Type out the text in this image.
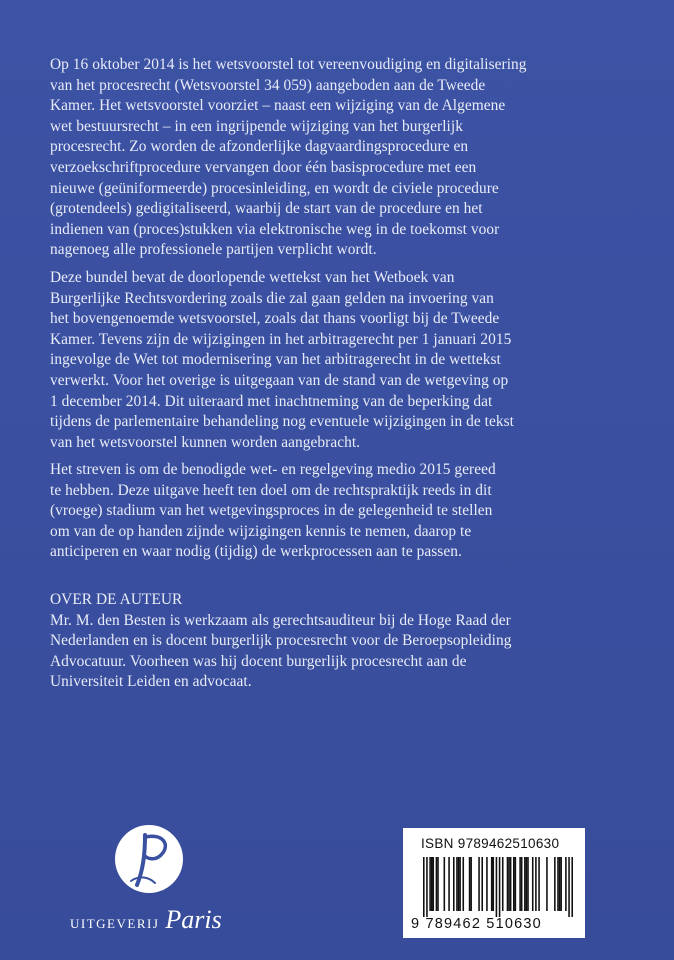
Op 16 oktober 2014 is het wetsvoorstel tot vereenvoudiging en digitalisering
van het procesrecht (Wetsvoorstel 34 059) aangeboden aan de Tweede
Kamer. Het wetsvoorstel voorziet – naast een wijziging van de Algemene
wet bestuursrecht – in een ingrijpende wijziging van het burgerlijk
procesrecht. Zo worden de afzonderlijke dagvaardingsprocedure en
verzoekschriftprocedure vervangen door één basisprocedure met een
nieuwe (geüniformeerde) procesinleiding, en wordt de civiele procedure
(grotendeels) gedigitaliseerd, waarbij de start van de procedure en het
indienen van (proces)stukken via elektronische weg in de toekomst voor
nagenoeg alle professionele partijen verplicht wordt.

Deze bundel bevat de doorlopende wettekst van het Wetboek van
Burgerlijke Rechtsvordering zoals die zal gaan gelden na invoering van
het bovengenoemde wetsvoorstel, zoals dat thans voorligt bij de Tweede
Kamer. Tevens zijn de wijzigingen in het arbitragerecht per 1 januari 2015
ingevolge de Wet tot modernisering van het arbitragerecht in de wettekst
verwerkt. Voor het overige is uitgegaan van de stand van de wetgeving op
1 december 2014. Dit uiteraard met inachtneming van de beperking dat
tijdens de parlementaire behandeling nog eventuele wijzigingen in de tekst
van het wetsvoorstel kunnen worden aangebracht.

Het streven is om de benodigde wet- en regelgeving medio 2015 gereed
te hebben. Deze uitgave heeft ten doel om de rechtspraktijk reeds in dit
(vroege) stadium van het wetgevingsproces in de gelegenheid te stellen
om van de op handen zijnde wijzigingen kennis te nemen, daarop te
anticiperen en waar nodig (tijdig) de werkprocessen aan te passen.

OVER DE AUTEUR

Mr. M. den Besten is werkzaam als gerechtsauditeur bij de Hoge Raad der
Nederlanden en is docent burgerlijk procesrecht voor de Beroepsopleiding
Advocatuur. Voorheen was hij docent burgerlijk procesrecht aan de
Universiteit Leiden en advocaat.

UITGEVERIJ Paris
ISBN 9789462510630
9 789462 510630
